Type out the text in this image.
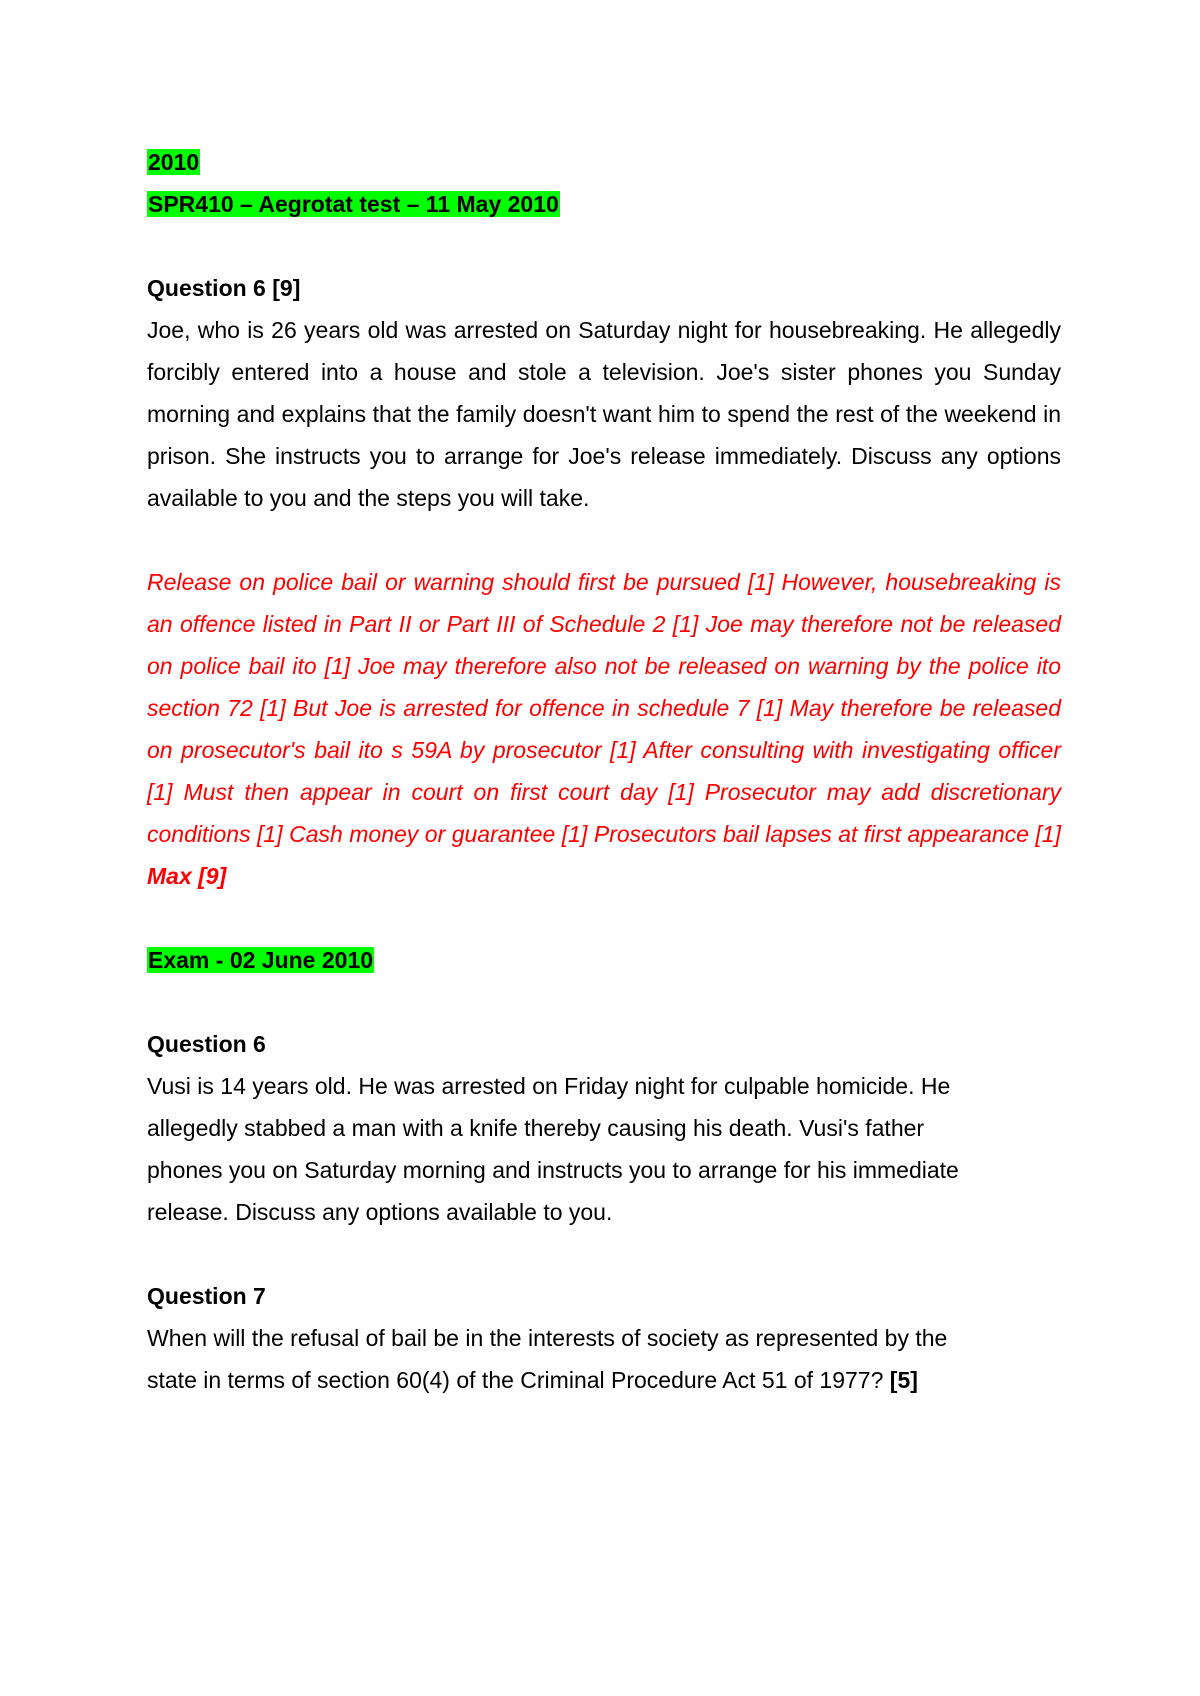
2010

SPR410 – Aegrotat test – 11 May 2010

Question 6 [9]

Joe, who is 26 years old was arrested on Saturday night for housebreaking. He allegedly forcibly entered into a house and stole a television. Joe's sister phones you Sunday morning and explains that the family doesn't want him to spend the rest of the weekend in prison. She instructs you to arrange for Joe's release immediately. Discuss any options available to you and the steps you will take.

Release on police bail or warning should first be pursued [1] However, housebreaking is an offence listed in Part II or Part III of Schedule 2 [1] Joe may therefore not be released on police bail ito [1] Joe may therefore also not be released on warning by the police ito section 72 [1] But Joe is arrested for offence in schedule 7 [1] May therefore be released on prosecutor's bail ito s 59A by prosecutor [1] After consulting with investigating officer [1] Must then appear in court on first court day [1] Prosecutor may add discretionary conditions [1] Cash money or guarantee [1] Prosecutors bail lapses at first appearance [1] Max [9]

Exam - 02 June 2010

Question 6

Vusi is 14 years old. He was arrested on Friday night for culpable homicide. He

allegedly stabbed a man with a knife thereby causing his death. Vusi's father

phones you on Saturday morning and instructs you to arrange for his immediate

release. Discuss any options available to you.

Question 7

When will the refusal of bail be in the interests of society as represented by the

state in terms of section 60(4) of the Criminal Procedure Act 51 of 1977? [5]
